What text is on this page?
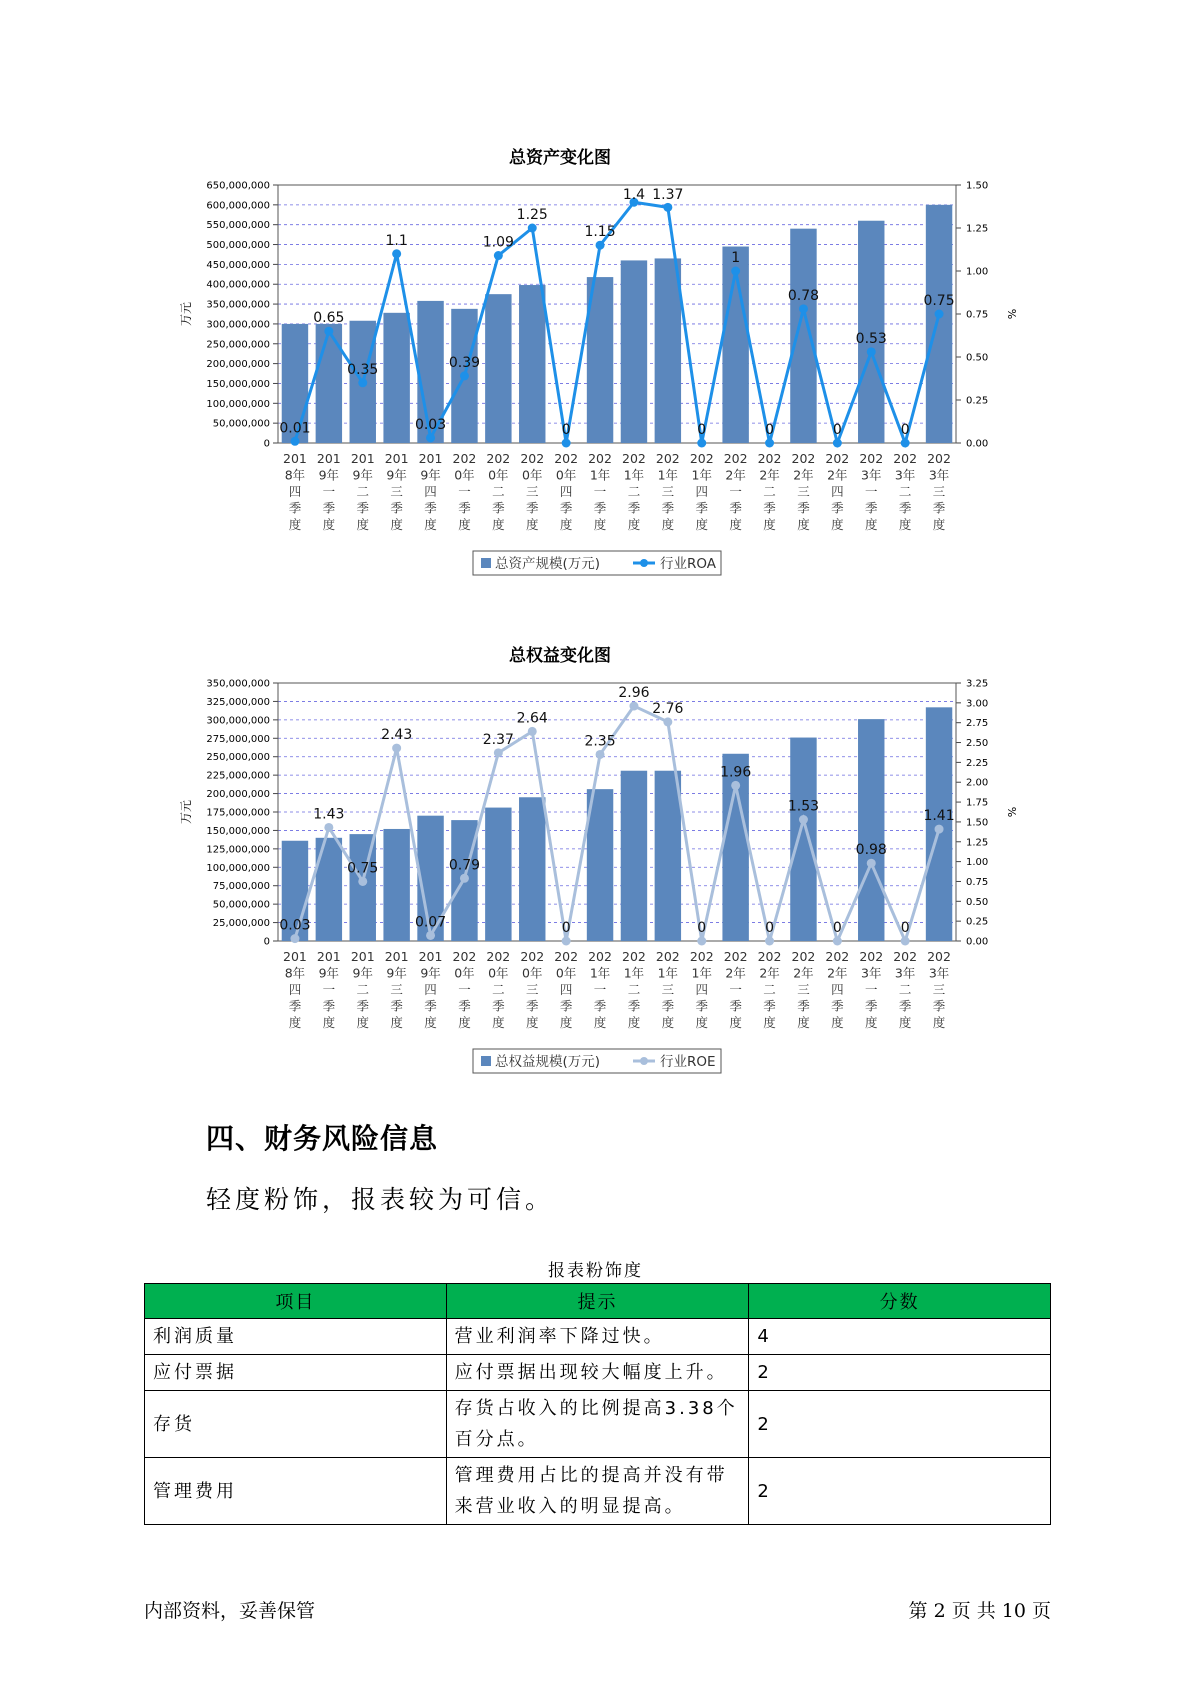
总资产变化图
650,000,000
600,000,000
550,000,000
500,000,000
450,000,000
400,000,000
350,000,000
300,000,000
250,000,000
200,000,000
150,000,000
100,000,000
50,000,000
0
1.50
1.25
1.00
0.75
0.50
0.25
0.00
万元	%
0.01
0.65
0.35
1.1
0.03
0.39
1.09
1.25
0
1.15
1.4 1.37
0
1
0
0.78
0
0.53
0
0.75
201 8年四季度
201 9年一季度
201 9年二季度
201 9年三季度
201 9年四季度
202 0年一季度
202 0年二季度
202 0年三季度
202 0年四季度
202 1年一季度
202 1年二季度
202 1年三季度
202 1年四季度
202 2年一季度
202 2年二季度
202 2年三季度
202 2年四季度
202 3年一季度
202 3年二季度
202 3年三季度
总资产规模(万元)	行业ROA
总权益变化图
350,000,000
325,000,000
300,000,000
275,000,000
250,000,000
225,000,000
200,000,000
175,000,000
150,000,000
125,000,000
100,000,000
75,000,000
50,000,000
25,000,000
0
3.25
3.00
2.75
2.50
2.25
2.00
1.75
1.50
1.25
1.00
0.75
0.50
0.25
0.00
万元	%
0.03
1.43
0.75
2.43
0.07
0.79
2.37
2.64
0
2.35
2.96
2.76
0
1.96
0
1.53
0
0.98
0
1.41
201 8年四季度
201 9年一季度
201 9年二季度
201 9年三季度
201 9年四季度
202 0年一季度
202 0年二季度
202 0年三季度
202 0年四季度
202 1年一季度
202 1年二季度
202 1年三季度
202 1年四季度
202 2年一季度
202 2年二季度
202 2年三季度
202 2年四季度
202 3年一季度
202 3年二季度
202 3年三季度
总权益规模(万元)	行业ROE
四、财务风险信息
轻度粉饰，报表较为可信。
报表粉饰度
项目	提示	分数
利润质量	营业利润率下降过快。	4
应付票据	应付票据出现较大幅度上升。	2
存货	存货占收入的比例提高3.38个百分点。	2
管理费用	管理费用占比的提高并没有带来营业收入的明显提高。	2
内部资料，妥善保管	第 2 页 共 10 页
